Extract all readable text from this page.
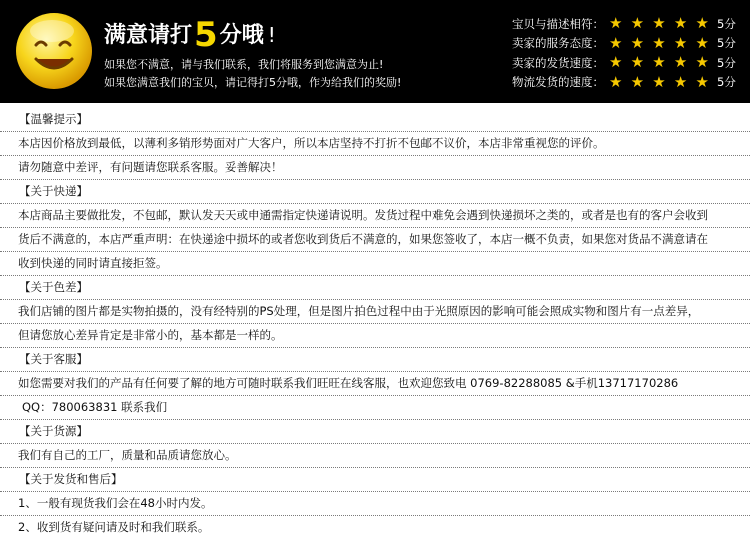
满意请打5分哦 !
如果您不满意，请与我们联系，我们将服务到您满意为止!
如果您满意我们的宝贝，请记得打5分哦，作为给我们的奖励!
宝贝与描述相符： ★ ★ ★ ★ ★ 5分
卖家的服务态度： ★ ★ ★ ★ ★ 5分
卖家的发货速度： ★ ★ ★ ★ ★ 5分
物流发货的速度： ★ ★ ★ ★ ★ 5分
【温馨提示】
本店因价格放到最低，以薄利多销形势面对广大客户，所以本店坚持不打折不包邮不议价，本店非常重视您的评价。
请勿随意中差评，有问题请您联系客服。妥善解决！
【关于快递】
本店商品主要做批发，不包邮，默认发天天或申通需指定快递请说明。发货过程中难免会遇到快递损坏之类的，或者是也有的客户会收到
货后不满意的，本店严重声明：在快递途中损坏的或者您收到货后不满意的，如果您签收了，本店一概不负责，如果您对货品不满意请在
收到快递的同时请直接拒签。
【关于色差】
我们店铺的图片都是实物拍摄的，没有经特别的PS处理，但是图片拍色过程中由于光照原因的影响可能会照成实物和图片有一点差异，
但请您放心差异肯定是非常小的，基本都是一样的。
【关于客服】
如您需要对我们的产品有任何要了解的地方可随时联系我们旺旺在线客服，也欢迎您致电 0769-82288085 &手机13717170286
QQ：780063831 联系我们
【关于货源】
我们有自己的工厂，质量和品质请您放心。
【关于发货和售后】
1、一般有现货我们会在48小时内发。
2、收到货有疑问请及时和我们联系。
